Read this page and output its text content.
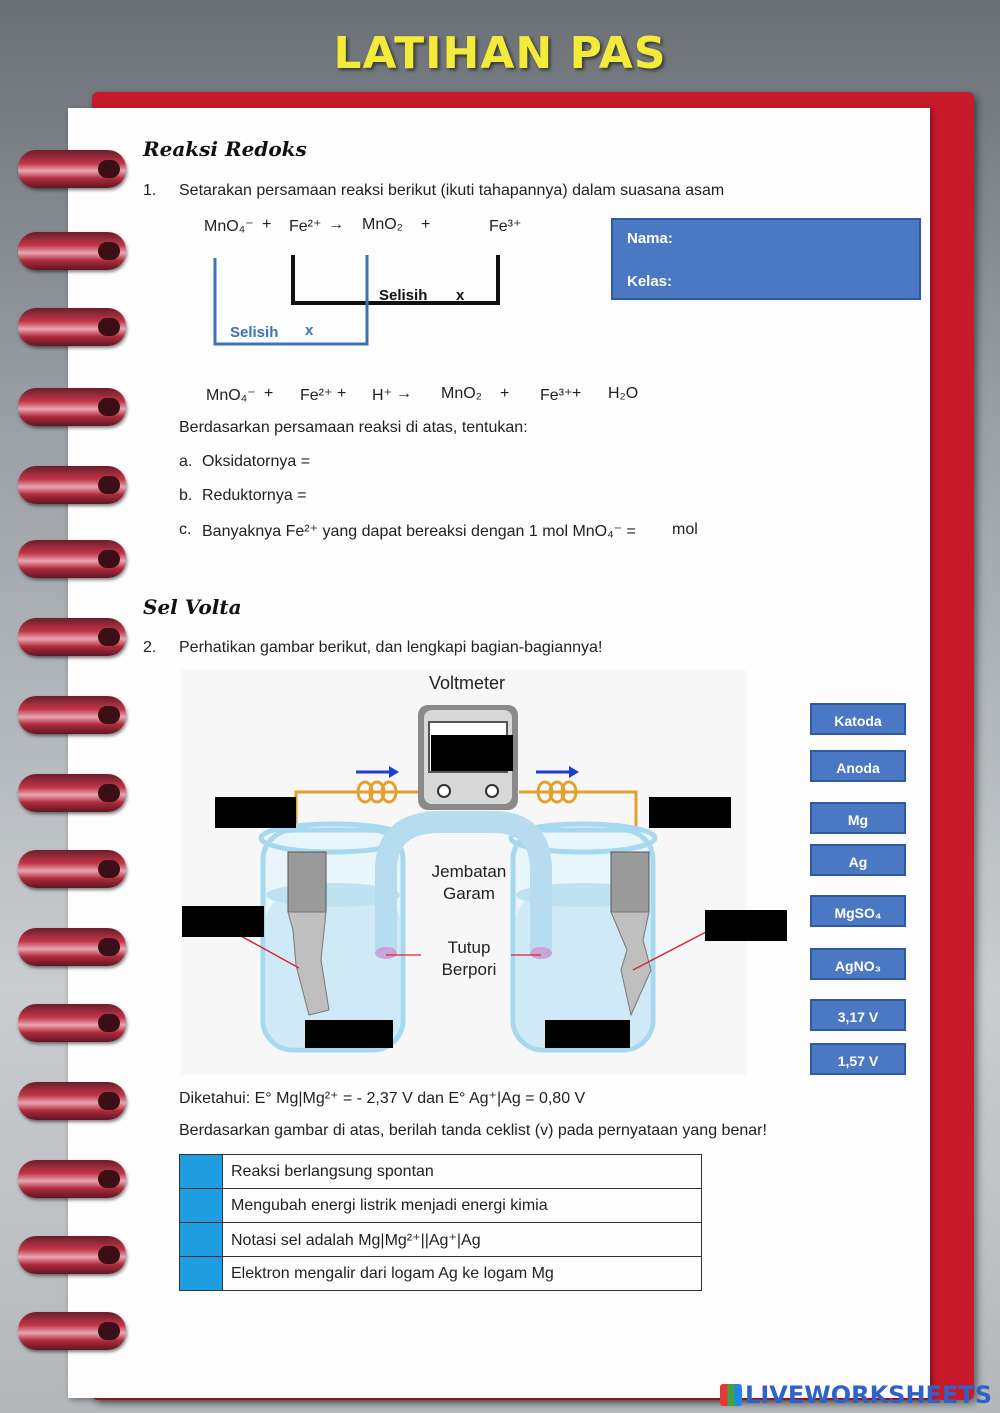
LATIHAN PAS
Reaksi Redoks
1. Setarakan persamaan reaksi berikut (ikuti tahapannya) dalam suasana asam
MnO₄⁻ + Fe²⁺ → MnO₂ +	Fe³⁺
Selisih x
Selisih x
Nama:
Kelas:
MnO₄⁻ + Fe²⁺ + H⁺ → MnO₂ + Fe³⁺ + H₂O
Berdasarkan persamaan reaksi di atas, tentukan:
a. Oksidatornya =
b. Reduktornya =
c. Banyaknya Fe²⁺ yang dapat bereaksi dengan 1 mol MnO₄⁻ = mol
Sel Volta
2. Perhatikan gambar berikut, dan lengkapi bagian-bagiannya!
Voltmeter
Jembatan
Garam
Tutup
Berpori
Katoda
Anoda
Mg
Ag
MgSO₄
AgNO₃
3,17 V
1,57 V
Diketahui: E° Mg|Mg²⁺ = - 2,37 V dan E° Ag⁺|Ag = 0,80 V
Berdasarkan gambar di atas, berilah tanda ceklist (v) pada pernyataan yang benar!
	Reaksi berlangsung spontan
	Mengubah energi listrik menjadi energi kimia
	Notasi sel adalah Mg|Mg²⁺||Ag⁺|Ag
	Elektron mengalir dari logam Ag ke logam Mg
LIVEWORKSHEETS
